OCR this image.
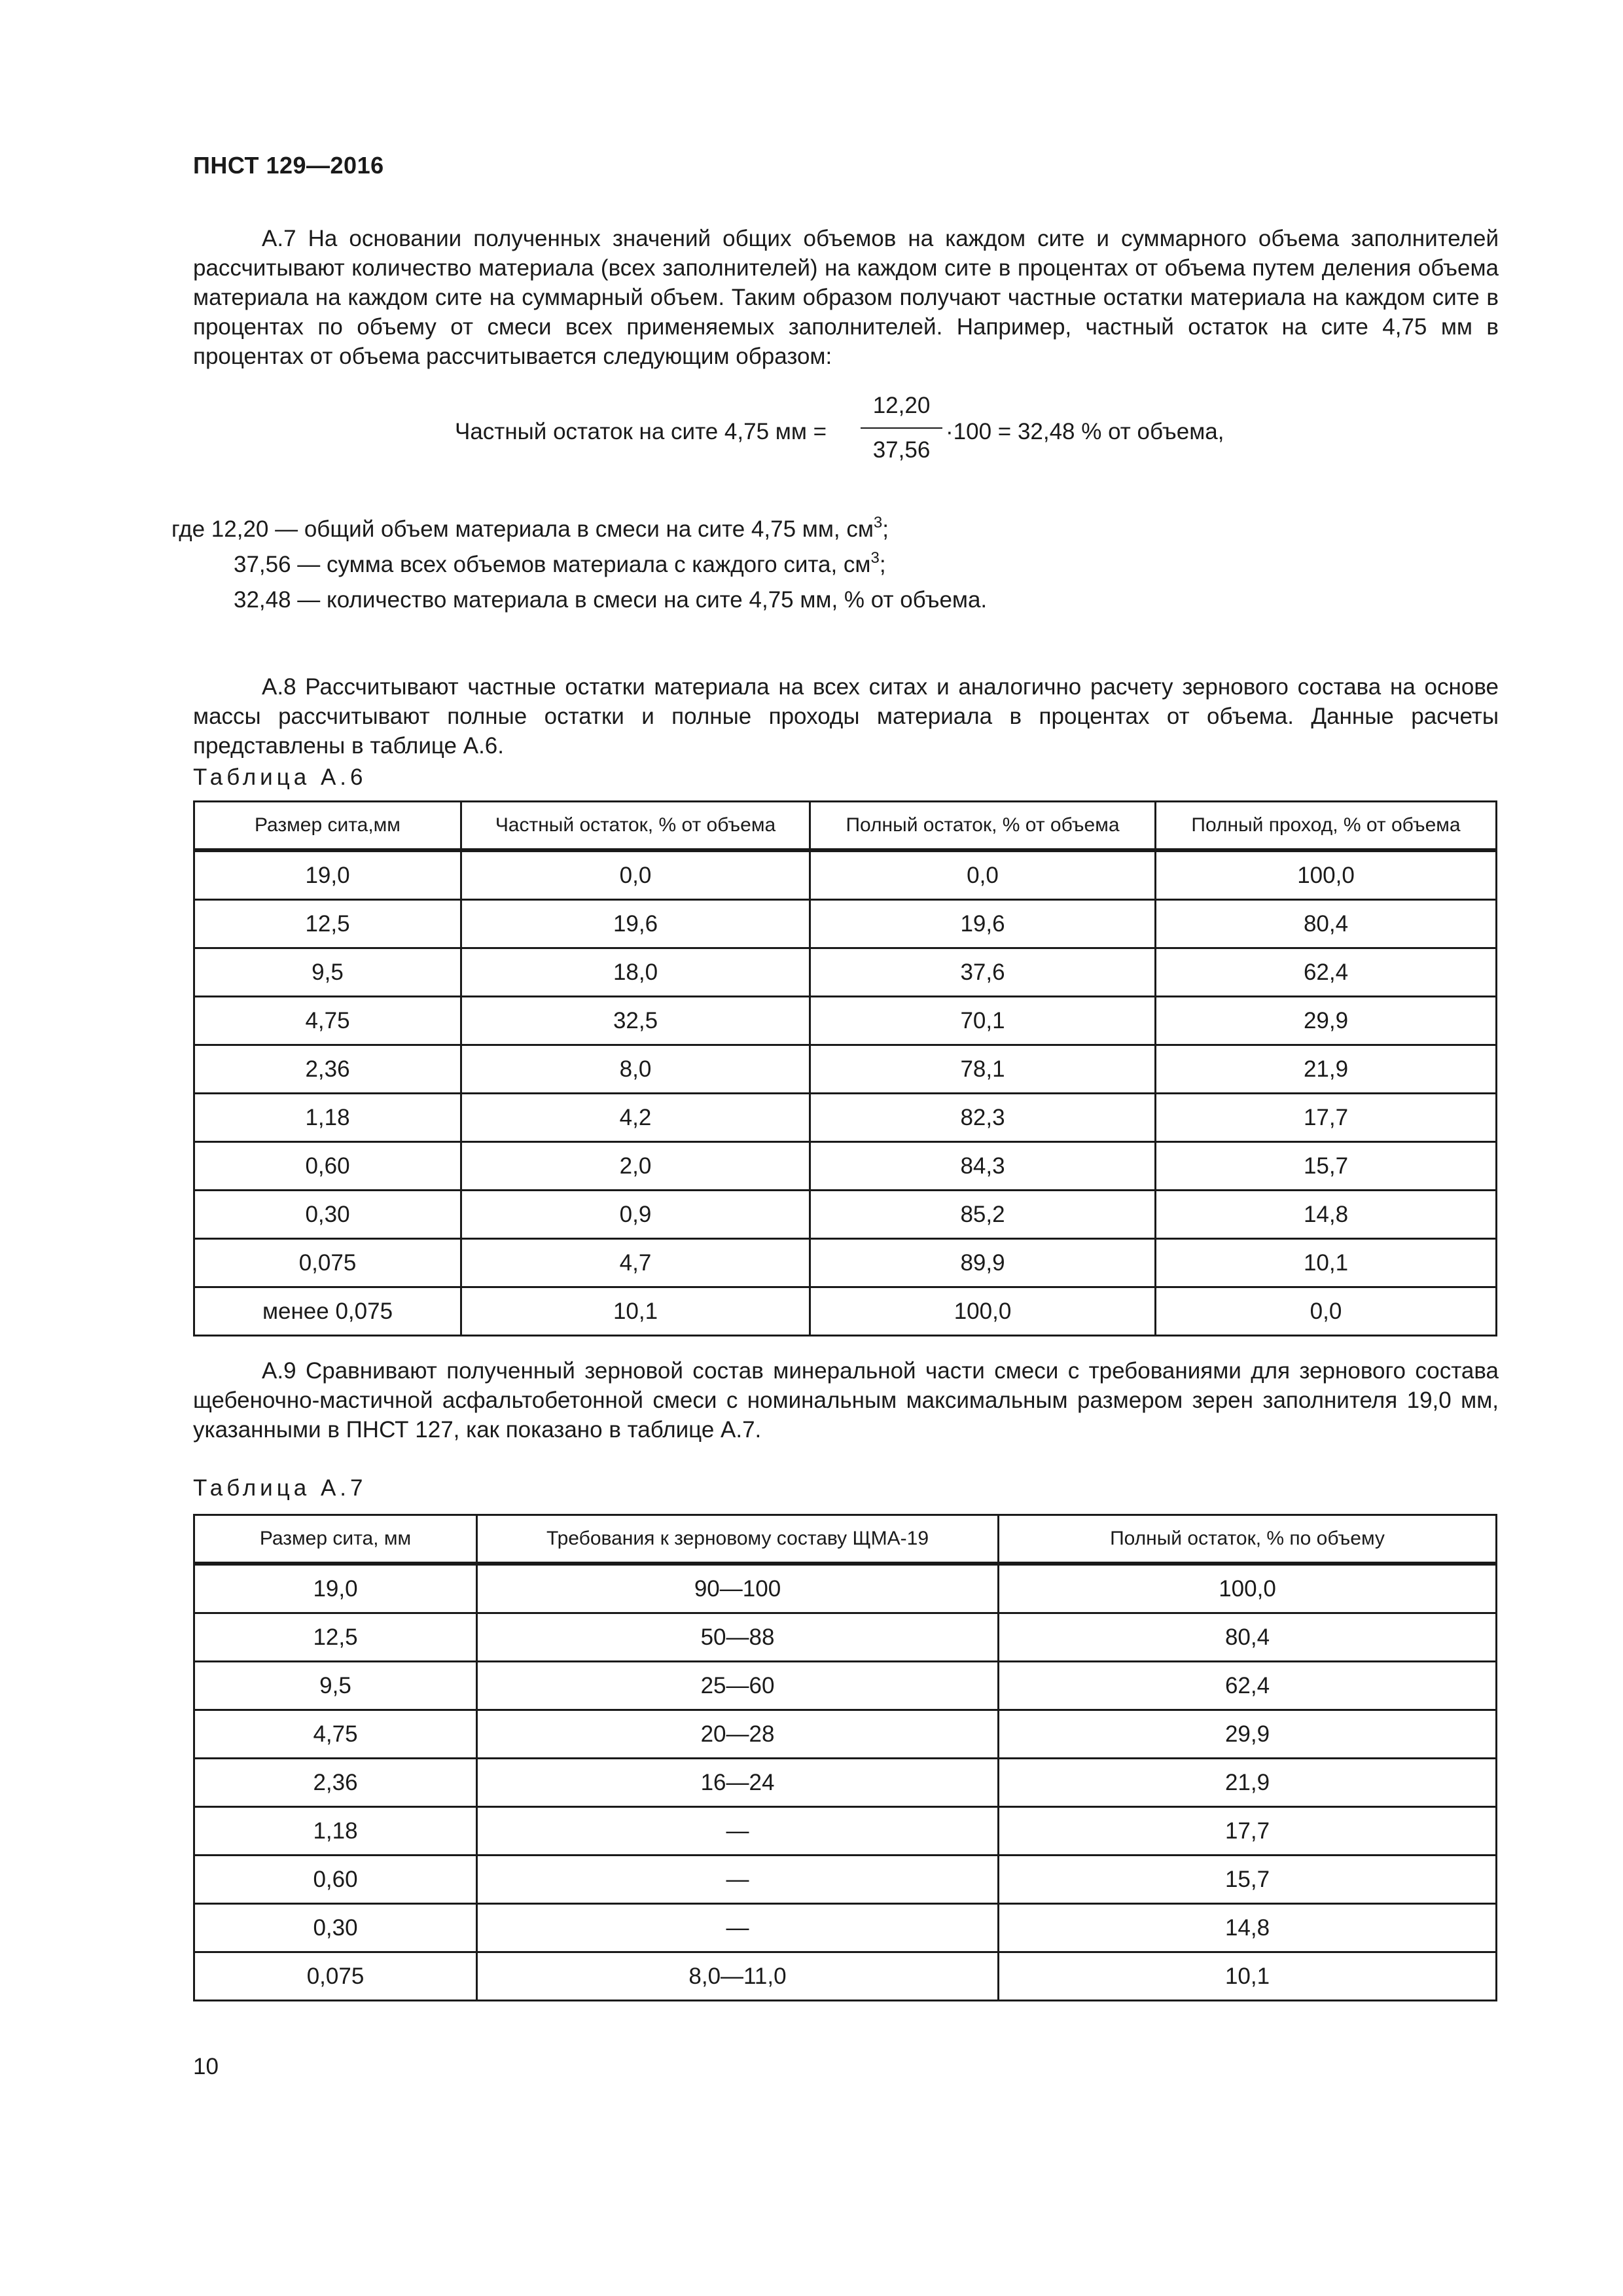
ПНСТ 129—2016

А.7 На основании полученных значений общих объемов на каждом сите и суммарного объема заполнителей рассчитывают количество материала (всех заполнителей) на каждом сите в процентах от объема путем деления объема материала на каждом сите на суммарный объем. Таким образом получают частные остатки материала на каждом сите в процентах по объему от смеси всех применяемых заполнителей. Например, частный остаток на сите 4,75 мм в процентах от объема рассчитывается следующим образом:

Частный остаток на сите 4,75 мм =
12,20
37,56
·100 = 32,48 % от объема,
где 12,20 — общий объем материала в смеси на сите 4,75 мм, $см^3$;
37,56 — сумма всех объемов материала с каждого сита, $см^3$;
32,48 — количество материала в смеси на сите 4,75 мм, % от объема.

А.8 Рассчитывают частные остатки материала на всех ситах и аналогично расчету зернового состава на основе массы рассчитывают полные остатки и полные проходы материала в процентах от объема. Данные расчеты представлены в таблице А.6.

Таблица А.6
Размер сита,мм	Частный остаток, % от объема	Полный остаток, % от объема	Полный проход, % от объема
19,0	0,0	0,0	100,0
12,5	19,6	19,6	80,4
9,5	18,0	37,6	62,4
4,75	32,5	70,1	29,9
2,36	8,0	78,1	21,9
1,18	4,2	82,3	17,7
0,60	2,0	84,3	15,7
0,30	0,9	85,2	14,8
0,075	4,7	89,9	10,1
менее 0,075	10,1	100,0	0,0

А.9 Сравнивают полученный зерновой состав минеральной части смеси с требованиями для зернового состава щебеночно-мастичной асфальтобетонной смеси с номинальным максимальным размером зерен заполнителя 19,0 мм, указанными в ПНСТ 127, как показано в таблице А.7.

Таблица А.7
Размер сита, мм	Требования к зерновому составу ЩМА-19	Полный остаток, % по объему
19,0	90—100	100,0
12,5	50—88	80,4
9,5	25—60	62,4
4,75	20—28	29,9
2,36	16—24	21,9
1,18	—	17,7
0,60	—	15,7
0,30	—	14,8
0,075	8,0—11,0	10,1
10
